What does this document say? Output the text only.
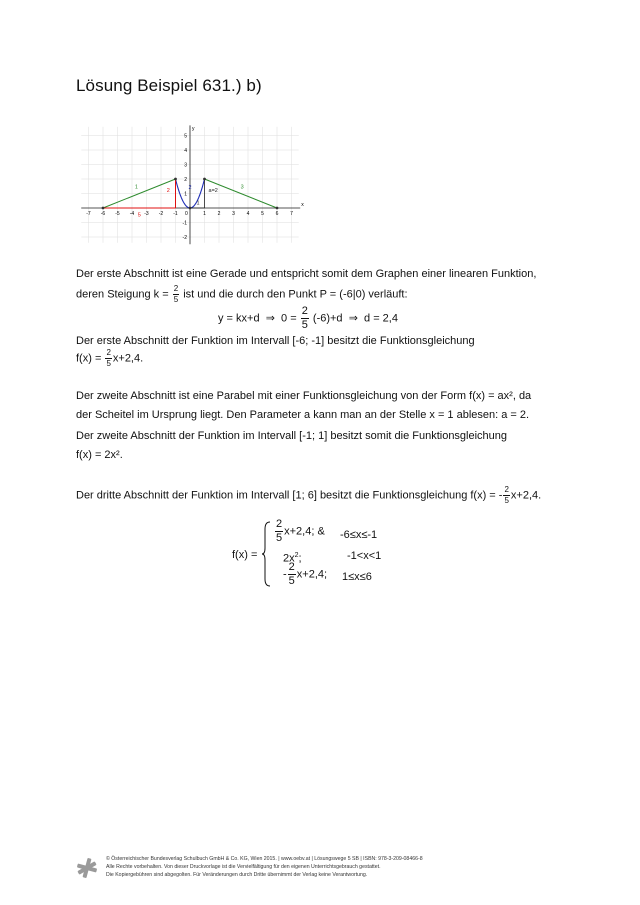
Lösung Beispiel 631.) b)
x
y
-7 -6 -5 -4 -3 -2 -1 0	1 2 3 4 5 6 7
5
4
3
2
1
-1
-2
1
2
5
2	a=2
1
3
Der erste Abschnitt ist eine Gerade und entspricht somit dem Graphen einer linearen Funktion,
deren Steigung $k = \frac{2}{5}$ ist und die durch den Punkt P = (-6|0) verläuft:
y = kx+d ⇒ $0 = \frac{2}{5} (-6)+d$ ⇒ d = 2,4
Der erste Abschnitt der Funktion im Intervall [-6; -1] besitzt die Funktionsgleichung
$f(x) = \frac{2}{5} x+2,4$.
Der zweite Abschnitt ist eine Parabel mit einer Funktionsgleichung von der Form f(x) = ax², da
der Scheitel im Ursprung liegt. Den Parameter a kann man an der Stelle x = 1 ablesen: a = 2.
Der zweite Abschnitt der Funktion im Intervall [-1; 1] besitzt somit die Funktionsgleichung
f(x) = 2x².
Der dritte Abschnitt der Funktion im Intervall [1; 6] besitzt die Funktionsgleichung f(x) = - $\frac{2}{5} x+2,4$.
f(x) =
$\frac{2}{5} x+2,4$; & -6≤x≤-1
$2x^2$;	-1<x<1
- $\frac{2}{5} x+2,4$; 1≤x≤6
© Österreichischer Bundesverlag Schulbuch GmbH & Co. KG, Wien 2015. | www.oebv.at | Lösungswege 5 SB | ISBN: 978-3-209-08466-8
Alle Rechte vorbehalten. Von dieser Druckvorlage ist die Vervielfältigung für den eigenen Unterrichtsgebrauch gestattet.
Die Kopiergebühren sind abgegolten. Für Veränderungen durch Dritte übernimmt der Verlag keine Verantwortung.
